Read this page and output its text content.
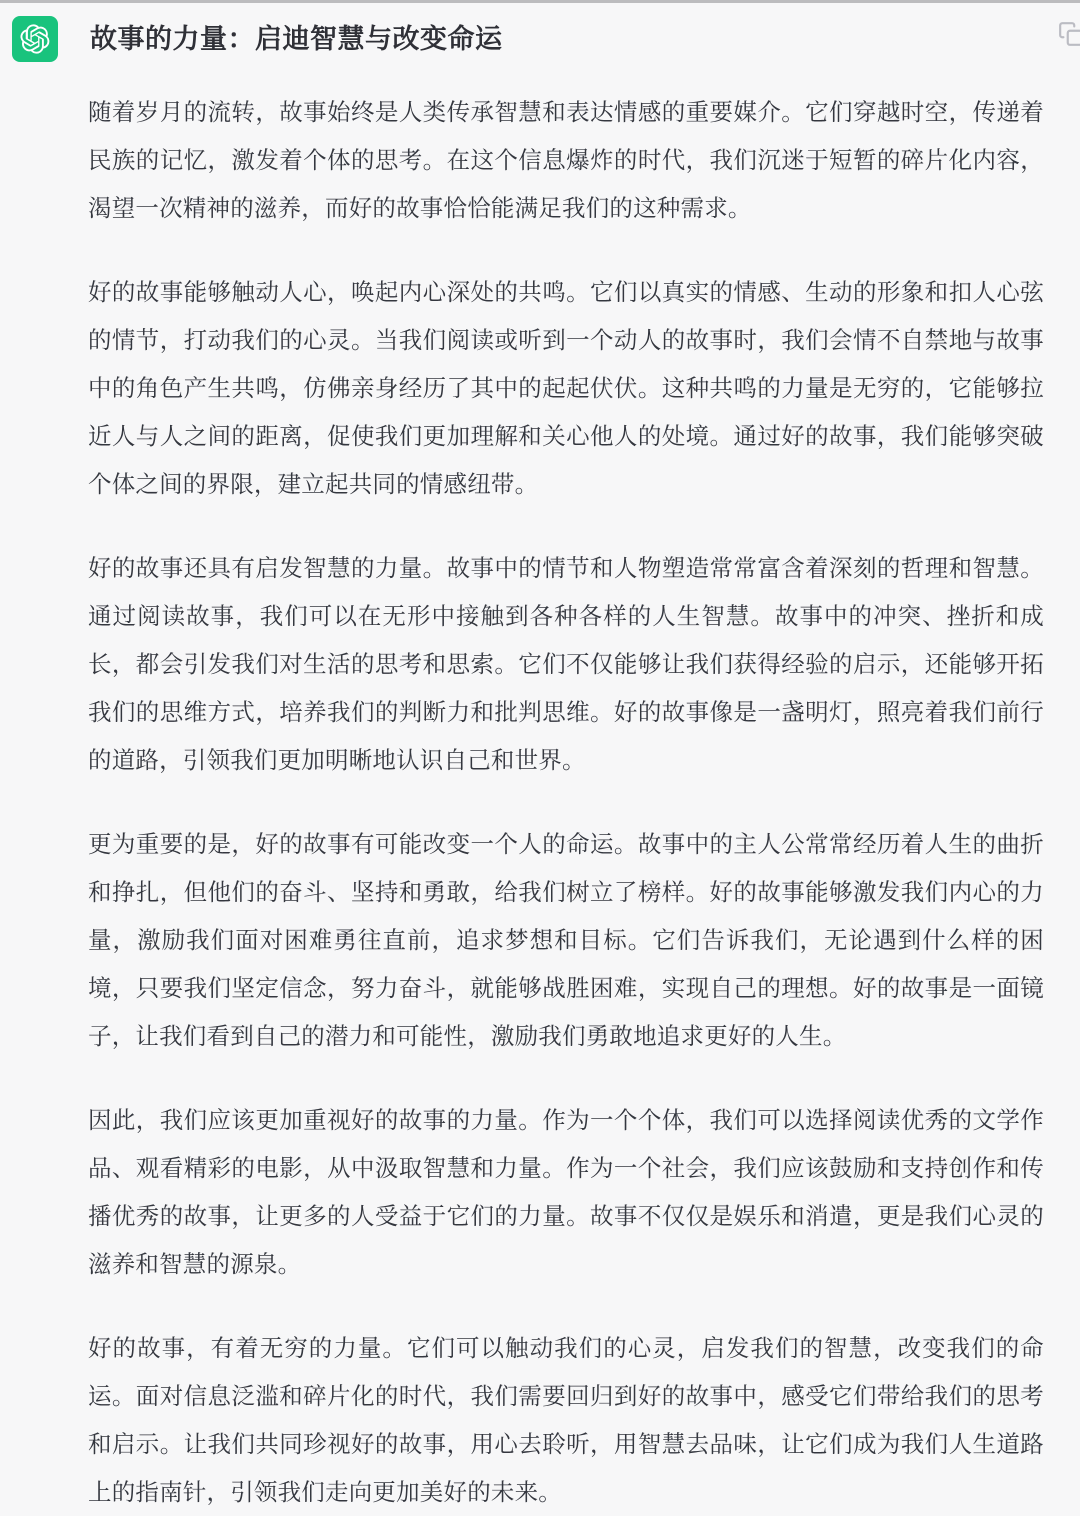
故事的力量：启迪智慧与改变命运

随着岁月的流转，故事始终是人类传承智慧和表达情感的重要媒介。它们穿越时空，传递着民族的记忆，激发着个体的思考。在这个信息爆炸的时代，我们沉迷于短暂的碎片化内容，渴望一次精神的滋养，而好的故事恰恰能满足我们的这种需求。

好的故事能够触动人心，唤起内心深处的共鸣。它们以真实的情感、生动的形象和扣人心弦的情节，打动我们的心灵。当我们阅读或听到一个动人的故事时，我们会情不自禁地与故事中的角色产生共鸣，仿佛亲身经历了其中的起起伏伏。这种共鸣的力量是无穷的，它能够拉近人与人之间的距离，促使我们更加理解和关心他人的处境。通过好的故事，我们能够突破个体之间的界限，建立起共同的情感纽带。

好的故事还具有启发智慧的力量。故事中的情节和人物塑造常常富含着深刻的哲理和智慧。通过阅读故事，我们可以在无形中接触到各种各样的人生智慧。故事中的冲突、挫折和成长，都会引发我们对生活的思考和思索。它们不仅能够让我们获得经验的启示，还能够开拓我们的思维方式，培养我们的判断力和批判思维。好的故事像是一盏明灯，照亮着我们前行的道路，引领我们更加明晰地认识自己和世界。

更为重要的是，好的故事有可能改变一个人的命运。故事中的主人公常常经历着人生的曲折和挣扎，但他们的奋斗、坚持和勇敢，给我们树立了榜样。好的故事能够激发我们内心的力量，激励我们面对困难勇往直前，追求梦想和目标。它们告诉我们，无论遇到什么样的困境，只要我们坚定信念，努力奋斗，就能够战胜困难，实现自己的理想。好的故事是一面镜子，让我们看到自己的潜力和可能性，激励我们勇敢地追求更好的人生。

因此，我们应该更加重视好的故事的力量。作为一个个体，我们可以选择阅读优秀的文学作品、观看精彩的电影，从中汲取智慧和力量。作为一个社会，我们应该鼓励和支持创作和传播优秀的故事，让更多的人受益于它们的力量。故事不仅仅是娱乐和消遣，更是我们心灵的滋养和智慧的源泉。

好的故事，有着无穷的力量。它们可以触动我们的心灵，启发我们的智慧，改变我们的命运。面对信息泛滥和碎片化的时代，我们需要回归到好的故事中，感受它们带给我们的思考和启示。让我们共同珍视好的故事，用心去聆听，用智慧去品味，让它们成为我们人生道路上的指南针，引领我们走向更加美好的未来。
